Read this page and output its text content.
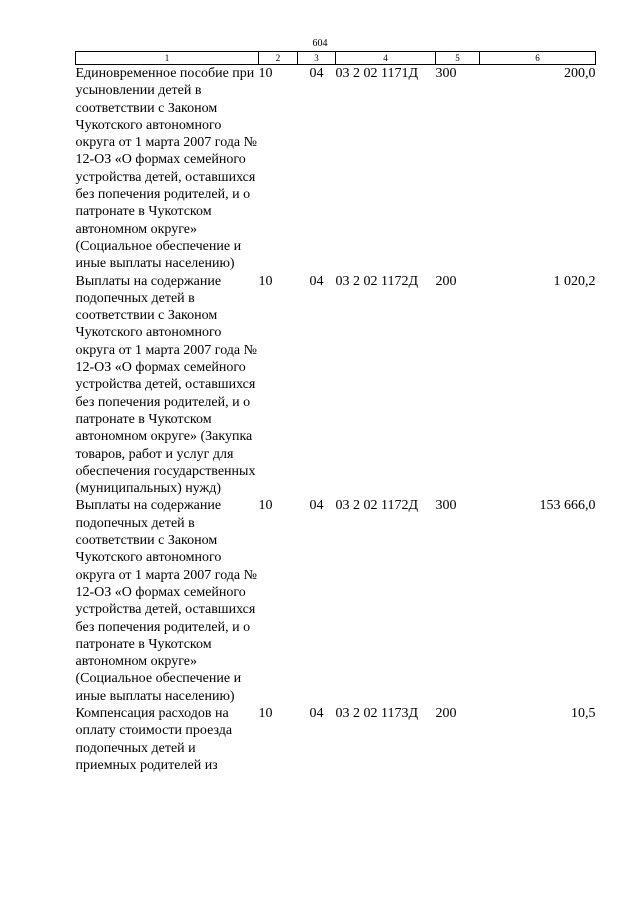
604
1	2	3	4	5	6
Единовременное пособие при усыновлении детей в соответствии с Законом Чукотского автономного округа от 1 марта 2007 года № 12-ОЗ «О формах семейного устройства детей, оставшихся без попечения родителей, и о патронате в Чукотском автономном округе» (Социальное обеспечение и иные выплаты населению)	10	04	03 2 02 1171Д	300	200,0
Выплаты на содержание подопечных детей в соответствии с Законом Чукотского автономного округа от 1 марта 2007 года № 12-ОЗ «О формах семейного устройства детей, оставшихся без попечения родителей, и о патронате в Чукотском автономном округе» (Закупка товаров, работ и услуг для обеспечения государственных (муниципальных) нужд)	10	04	03 2 02 1172Д	200	1 020,2
Выплаты на содержание подопечных детей в соответствии с Законом Чукотского автономного округа от 1 марта 2007 года № 12-ОЗ «О формах семейного устройства детей, оставшихся без попечения родителей, и о патронате в Чукотском автономном округе» (Социальное обеспечение и иные выплаты населению)	10	04	03 2 02 1172Д	300	153 666,0
Компенсация расходов на оплату стоимости проезда подопечных детей и приемных родителей из	10	04	03 2 02 1173Д	200	10,5
